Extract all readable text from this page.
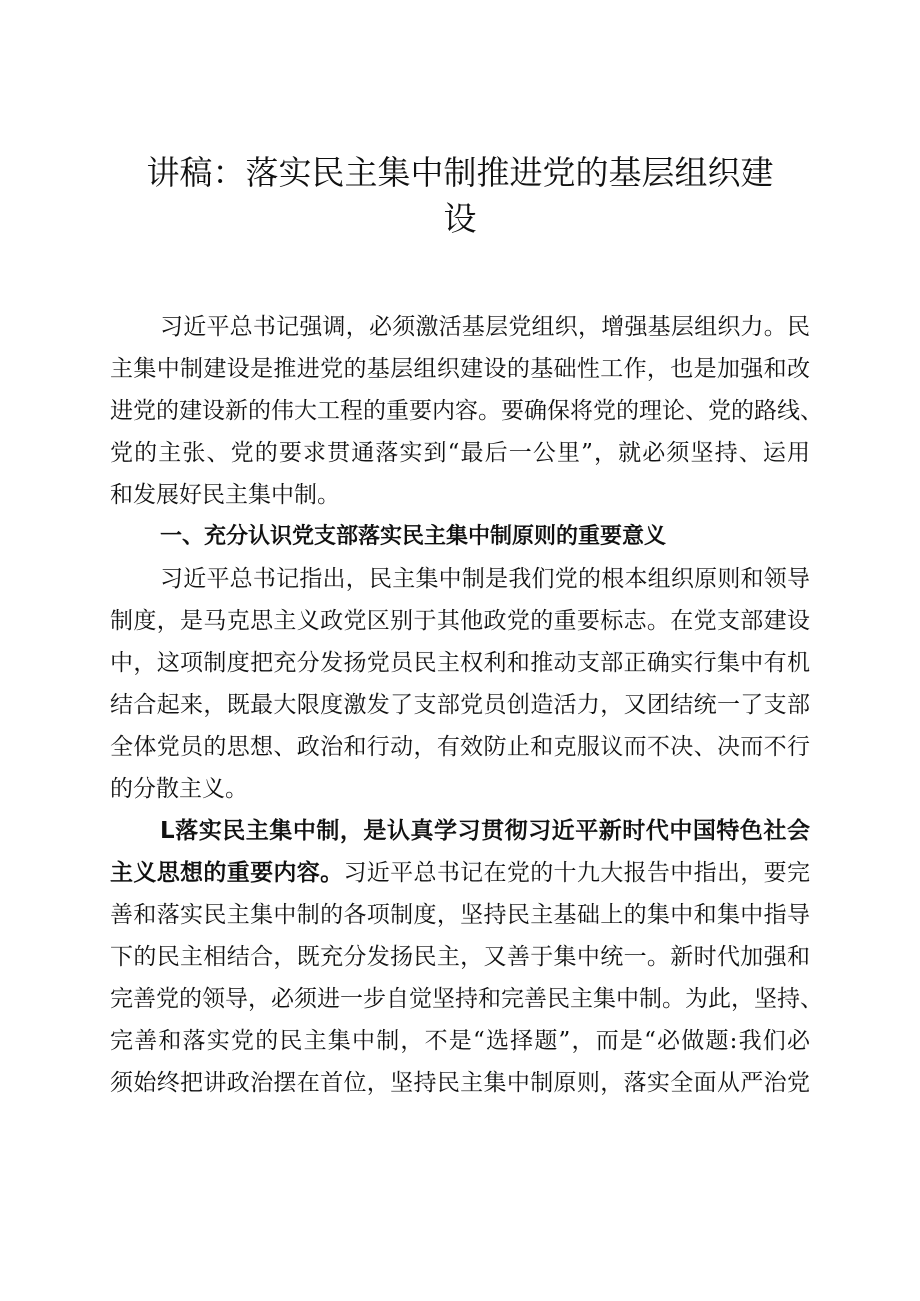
讲稿：落实民主集中制推进党的基层组织建
设
习近平总书记强调，必须激活基层党组织，增强基层组织力。民
主集中制建设是推进党的基层组织建设的基础性工作，也是加强和改
进党的建设新的伟大工程的重要内容。要确保将党的理论、党的路线、
党的主张、党的要求贯通落实到“最后一公里”，就必须坚持、运用
和发展好民主集中制。
一、充分认识党支部落实民主集中制原则的重要意义
习近平总书记指出，民主集中制是我们党的根本组织原则和领导
制度，是马克思主义政党区别于其他政党的重要标志。在党支部建设
中，这项制度把充分发扬党员民主权利和推动支部正确实行集中有机
结合起来，既最大限度激发了支部党员创造活力，又团结统一了支部
全体党员的思想、政治和行动，有效防止和克服议而不决、决而不行
的分散主义。
L落实民主集中制，是认真学习贯彻习近平新时代中国特色社会
主义思想的重要内容。习近平总书记在党的十九大报告中指出，要完
善和落实民主集中制的各项制度，坚持民主基础上的集中和集中指导
下的民主相结合，既充分发扬民主，又善于集中统一。新时代加强和
完善党的领导，必须进一步自觉坚持和完善民主集中制。为此，坚持、
完善和落实党的民主集中制，不是“选择题”，而是“必做题:我们必
须始终把讲政治摆在首位，坚持民主集中制原则，落实全面从严治党
